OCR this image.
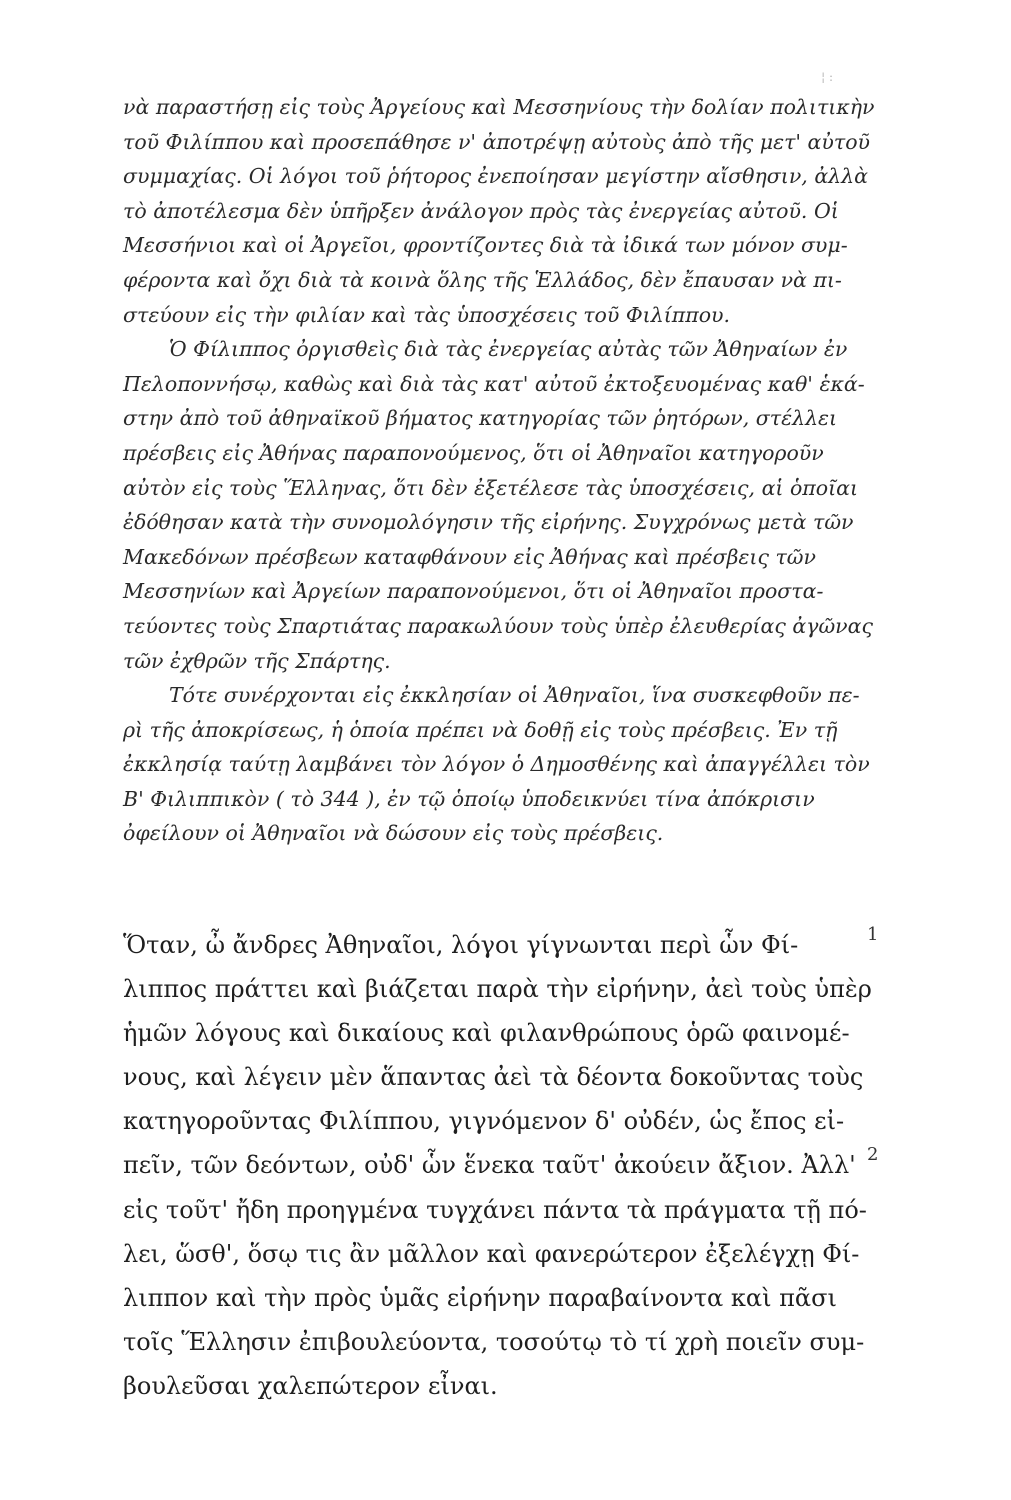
¦ :

νὰ παραστήσῃ εἰς τοὺς Ἀργείους καὶ Μεσσηνίους τὴν δολίαν πολιτικὴν
τοῦ Φιλίππου καὶ προσεπάθησε ν' ἀποτρέψῃ αὐτοὺς ἀπὸ τῆς μετ' αὐτοῦ
συμμαχίας. Οἱ λόγοι τοῦ ῥήτορος ἐνεποίησαν μεγίστην αἴσθησιν, ἀλλὰ
τὸ ἀποτέλεσμα δὲν ὑπῆρξεν ἀνάλογον πρὸς τὰς ἐνεργείας αὐτοῦ. Οἱ
Μεσσήνιοι καὶ οἱ Ἀργεῖοι, φροντίζοντες διὰ τὰ ἰδικά των μόνον συμ-
φέροντα καὶ ὄχι διὰ τὰ κοινὰ ὅλης τῆς Ἑλλάδος, δὲν ἔπαυσαν νὰ πι-
στεύουν εἰς τὴν φιλίαν καὶ τὰς ὑποσχέσεις τοῦ Φιλίππου.

Ὁ Φίλιππος ὀργισθεὶς διὰ τὰς ἐνεργείας αὐτὰς τῶν Ἀθηναίων ἐν
Πελοποννήσῳ, καθὼς καὶ διὰ τὰς κατ' αὐτοῦ ἐκτοξευομένας καθ' ἑκά-
στην ἀπὸ τοῦ ἀθηναϊκοῦ βήματος κατηγορίας τῶν ῥητόρων, στέλλει
πρέσβεις εἰς Ἀθήνας παραπονούμενος, ὅτι οἱ Ἀθηναῖοι κατηγοροῦν
αὐτὸν εἰς τοὺς Ἕλληνας, ὅτι δὲν ἐξετέλεσε τὰς ὑποσχέσεις, αἱ ὁποῖαι
ἐδόθησαν κατὰ τὴν συνομολόγησιν τῆς εἰρήνης. Συγχρόνως μετὰ τῶν
Μακεδόνων πρέσβεων καταφθάνουν εἰς Ἀθήνας καὶ πρέσβεις τῶν
Μεσσηνίων καὶ Ἀργείων παραπονούμενοι, ὅτι οἱ Ἀθηναῖοι προστα-
τεύοντες τοὺς Σπαρτιάτας παρακωλύουν τοὺς ὑπὲρ ἐλευθερίας ἀγῶνας
τῶν ἐχθρῶν τῆς Σπάρτης.

Τότε συνέρχονται εἰς ἐκκλησίαν οἱ Ἀθηναῖοι, ἵνα συσκεφθοῦν πε-
ρὶ τῆς ἀποκρίσεως, ἡ ὁποία πρέπει νὰ δοθῇ εἰς τοὺς πρέσβεις. Ἐν τῇ
ἐκκλησίᾳ ταύτῃ λαμβάνει τὸν λόγον ὁ Δημοσθένης καὶ ἀπαγγέλλει τὸν
Β' Φιλιππικὸν ( τὸ 344 ), ἐν τῷ ὁποίῳ ὑποδεικνύει τίνα ἀπόκρισιν
ὀφείλουν οἱ Ἀθηναῖοι νὰ δώσουν εἰς τοὺς πρέσβεις.

Ὅταν, ὦ ἄνδρες Ἀθηναῖοι, λόγοι γίγνωνται περὶ ὧν Φί-
λιππος πράττει καὶ βιάζεται παρὰ τὴν εἰρήνην, ἀεὶ τοὺς ὑπὲρ
ἡμῶν λόγους καὶ δικαίους καὶ φιλανθρώπους ὁρῶ φαινομέ-
νους, καὶ λέγειν μὲν ἅπαντας ἀεὶ τὰ δέοντα δοκοῦντας τοὺς
κατηγοροῦντας Φιλίππου, γιγνόμενον δ' οὐδέν, ὡς ἔπος εἰ-
πεῖν, τῶν δεόντων, οὐδ' ὧν ἕνεκα ταῦτ' ἀκούειν ἄξιον. Ἀλλ'
εἰς τοῦτ' ἤδη προηγμένα τυγχάνει πάντα τὰ πράγματα τῇ πό-
λει, ὥσθ', ὅσῳ τις ἂν μᾶλλον καὶ φανερώτερον ἐξελέγχῃ Φί-
λιππον καὶ τὴν πρὸς ὑμᾶς εἰρήνην παραβαίνοντα καὶ πᾶσι
τοῖς Ἕλλησιν ἐπιβουλεύοντα, τοσούτῳ τὸ τί χρὴ ποιεῖν συμ-
βουλεῦσαι χαλεπώτερον εἶναι.
1
2
